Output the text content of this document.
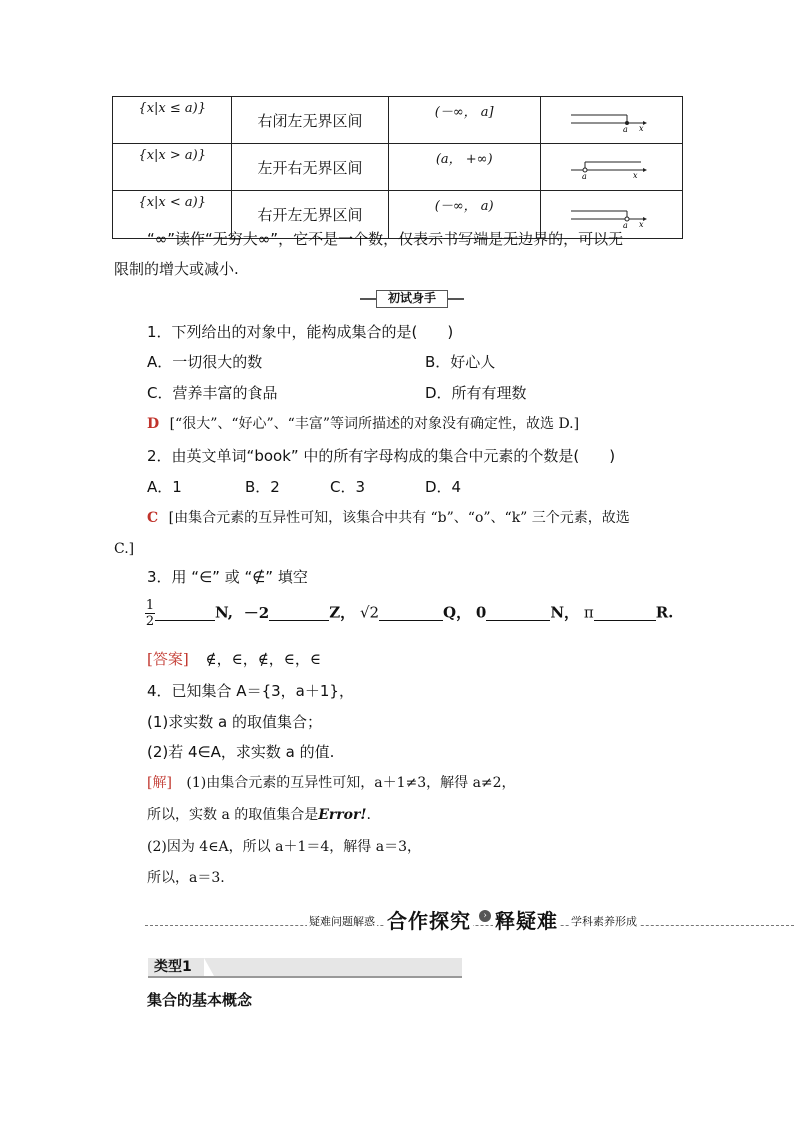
{x|x ≤ a)}	右闭左无界区间	(－∞， a]	a x

{x|x > a)}	左开右无界区间	(a， +∞)	a x

{x|x < a)}	右开左无界区间	(－∞， a)	a x
“∞”读作“无穷大∞”，它不是一个数，仅表示书写端是无边界的，可以无
限制的增大或减小.
初试身手
1．下列给出的对象中，能构成集合的是(　　)
A．一切很大的数	B．好心人
C．营养丰富的食品	D．所有有理数
D [“很大”、“好心”、“丰富”等词所描述的对象没有确定性，故选 D.]
2．由英文单词“book” 中的所有字母构成的集合中元素的个数是(　　)
A．1	B．2	C．3	D．4
C [由集合元素的互异性可知，该集合中共有 “b”、“o”、“k” 三个元素，故选
C.]
3．用 “∈” 或 “∉” 填空
$\frac{1}{2}$	N, －2	Z， √2	Q， 0	N， π	R.
[答案] ∉，∈，∉，∈，∈
4．已知集合 A＝{3，a＋1}，
(1)求实数 a 的取值集合；
(2)若 4∈A，求实数 a 的值.
[解] (1)由集合元素的互异性可知，a＋1≠3，解得 a≠2，
所以，实数 a 的取值集合是Error!.
(2)因为 4∈A，所以 a＋1＝4，解得 a＝3，
所以，a＝3.
疑难问题解惑 合作探究	› 释疑难 学科素养形成
类型1
集合的基本概念
